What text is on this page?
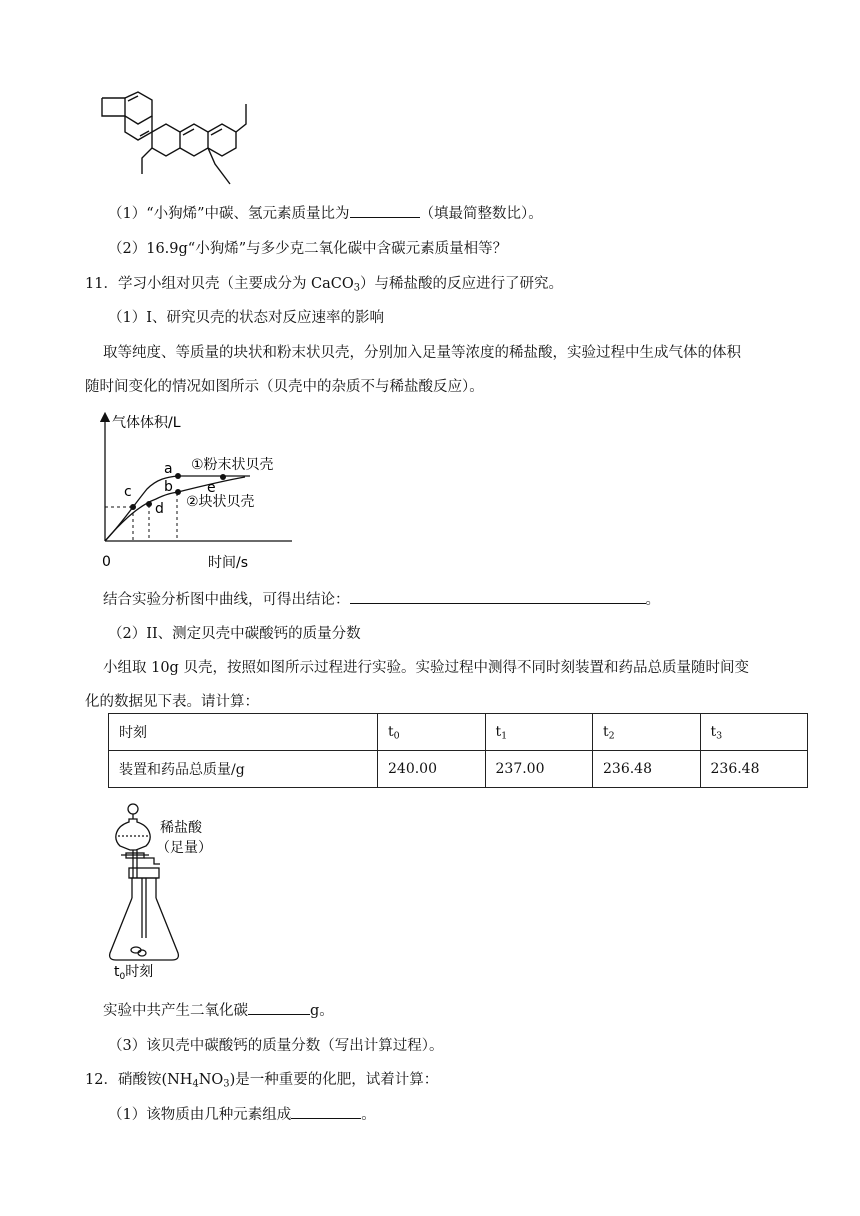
（1）“小狗烯”中碳、氢元素质量比为	（填最简整数比）。
（2）16.9g“小狗烯”与多少克二氧化碳中含碳元素质量相等？
11．学习小组对贝壳（主要成分为 CaCO$_3$）与稀盐酸的反应进行了研究。
（1）I、研究贝壳的状态对反应速率的影响
取等纯度、等质量的块状和粉末状贝壳，分别加入足量等浓度的稀盐酸，实验过程中生成气体的体积
随时间变化的情况如图所示（贝壳中的杂质不与稀盐酸反应）。
气体体积/L
时间/s
0
a
b
c
d
e
①粉末状贝壳
②块状贝壳
结合实验分析图中曲线，可得出结论：	。
（2）II、测定贝壳中碳酸钙的质量分数
小组取 10g 贝壳，按照如图所示过程进行实验。实验过程中测得不同时刻装置和药品总质量随时间变
化的数据见下表。请计算：
时刻	$t_0$	$t_1$	$t_2$	$t_3$
装置和药品总质量/g	240.00	237.00	236.48	236.48
稀盐酸
（足量）
$t_0$时刻
实验中共产生二氧化碳	g。
（3）该贝壳中碳酸钙的质量分数（写出计算过程）。
12．硝酸铵$(NH_4NO_3)$是一种重要的化肥，试着计算：
（1）该物质由几种元素组成	。
